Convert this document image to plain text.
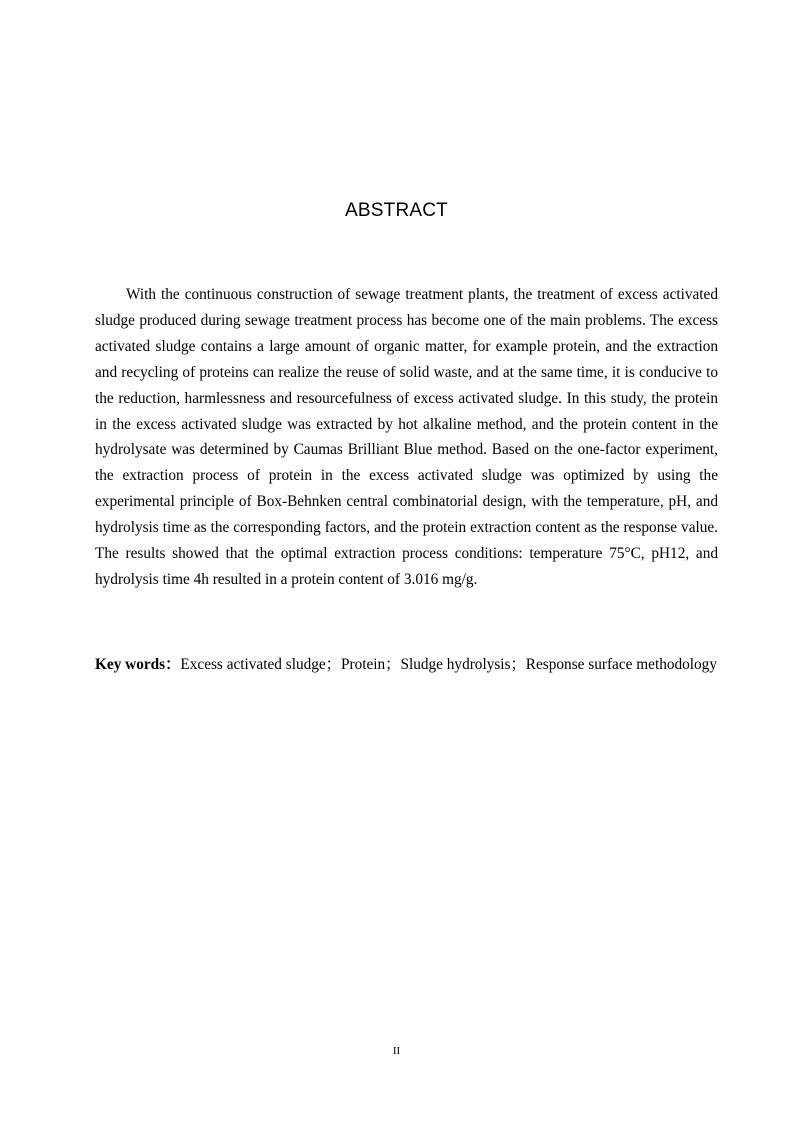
ABSTRACT

With the continuous construction of sewage treatment plants, the treatment of excess activated sludge produced during sewage treatment process has become one of the main problems. The excess activated sludge contains a large amount of organic matter, for example protein, and the extraction and recycling of proteins can realize the reuse of solid waste, and at the same time, it is conducive to the reduction, harmlessness and resourcefulness of excess activated sludge. In this study, the protein in the excess activated sludge was extracted by hot alkaline method, and the protein content in the hydrolysate was determined by Caumas Brilliant Blue method. Based on the one-factor experiment, the extraction process of protein in the excess activated sludge was optimized by using the experimental principle of Box-Behnken central combinatorial design, with the temperature, pH, and hydrolysis time as the corresponding factors, and the protein extraction content as the response value. The results showed that the optimal extraction process conditions: temperature 75°C, pH12, and hydrolysis time 4h resulted in a protein content of 3.016 mg/g.

Key words：Excess activated sludge；Protein；Sludge hydrolysis；Response surface methodology
II
